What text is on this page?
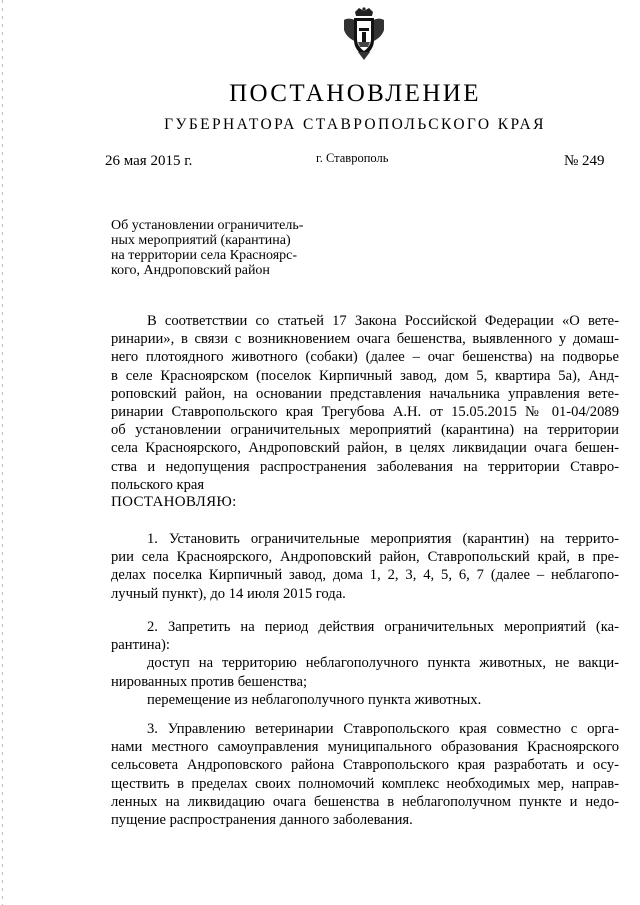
ПОСТАНОВЛЕНИЕ
ГУБЕРНАТОРА СТАВРОПОЛЬСКОГО КРАЯ
26 мая 2015 г.	г. Ставрополь	№ 249
Об установлении ограничитель-
ных мероприятий (карантина)
на территории села Красноярс-
кого, Андроповский район
В соответствии со статьей 17 Закона Российской Федерации «О вете-
ринарии», в связи с возникновением очага бешенства, выявленного у домаш-
него плотоядного животного (собаки) (далее – очаг бешенства) на подворье
в селе Красноярском (поселок Кирпичный завод, дом 5, квартира 5а), Анд-
роповский район, на основании представления начальника управления вете-
ринарии Ставропольского края Трегубова А.Н. от 15.05.2015 № 01-04/2089
об установлении ограничительных мероприятий (карантина) на территории
села Красноярского, Андроповский район, в целях ликвидации очага бешен-
ства и недопущения распространения заболевания на территории Ставро-
польского края
ПОСТАНОВЛЯЮ:
1. Установить ограничительные мероприятия (карантин) на террито-
рии села Красноярского, Андроповский район, Ставропольский край, в пре-
делах поселка Кирпичный завод, дома 1, 2, 3, 4, 5, 6, 7 (далее – неблагопо-
лучный пункт), до 14 июля 2015 года.
2. Запретить на период действия ограничительных мероприятий (ка-
рантина):
доступ на территорию неблагополучного пункта животных, не вакци-
нированных против бешенства;
перемещение из неблагополучного пункта животных.
3. Управлению ветеринарии Ставропольского края совместно с орга-
нами местного самоуправления муниципального образования Красноярского
сельсовета Андроповского района Ставропольского края разработать и осу-
ществить в пределах своих полномочий комплекс необходимых мер, направ-
ленных на ликвидацию очага бешенства в неблагополучном пункте и недо-
пущение распространения данного заболевания.
